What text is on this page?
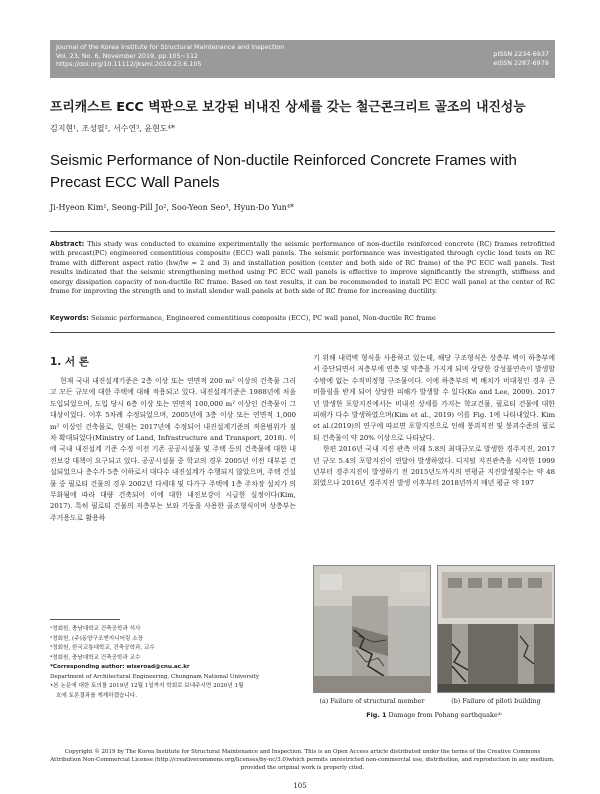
Journal of the Korea Institute for Structural Maintenance and Inspection
Vol. 23, No. 6, November 2019, pp.105~112
https://doi.org/10.11112/jksmi.2019.23.6.105
pISSN 2234-6937
eISSN 2287-6979
프리캐스트 ECC 벽판으로 보강된 비내진 상세를 갖는 철근콘크리트 골조의 내진성능
김지현¹, 조성필², 서수연³, 윤현도⁴*
Seismic Performance of Non-ductile Reinforced Concrete Frames with Precast ECC Wall Panels
Ji-Hyeon Kim¹, Seong-Pill Jo², Soo-Yeon Seo³, Hyun-Do Yun⁴*
Abstract: This study was conducted to examine experimentally the seismic performance of non-ductile reinforced concrete (RC) frames retrofitted with precast(PC) engineered cementitious composite (ECC) wall panels. The seismic performance was investigated through cyclic load tests on RC frame with different aspect ratio (hw/lw = 2 and 3) and installation position (center and both side of RC frame) of the PC ECC wall panels. Test results indicated that the seismic strengthening method using PC ECC wall panels is effective to improve significantly the strength, stiffness and energy dissipation capacity of non-ductile RC frame. Based on test results, it can be recommended to install PC ECC wall panel at the center of RC frame for improving the strength and to install slender wall panels at both side of RC frame for increasing ductility.
Keywords: Seismic performance, Engineered cementitious composite (ECC), PC wall panel, Non-ductile RC frame
1. 서 론

현재 국내 내진설계기준은 2층 이상 또는 연면적 200 m² 이상의 건축물 그리고 모든 규모에 대한 주택에 대해 적용되고 있다. 내진설계기준은 1988년에 처음 도입되었으며, 도입 당시 6층 이상 또는 연면적 100,000 m² 이상인 건축물이 그 대상이었다. 이후 5차례 수정되었으며, 2005년에 3층 이상 또는 연면적 1,000 m² 이상인 건축물로, 현재는 2017년에 수정되어 내진설계기준의 적용범위가 점차 확대되었다(Ministry of Land, Infrastructure and Transport, 2018). 이에 국내 내진설계 기준 수정 이전 기존 공공시설물 및 주택 등의 건축물에 대한 내진보강 대책이 요구되고 있다. 공공시설물 중 학교의 경우 2005년 이전 대부분 건설되었으나 층수가 5층 이하로서 대다수 내진설계가 수행되지 않았으며, 주택 건설물 중 필로티 건물의 경우 2002년 다세대 및 다가구 주택에 1층 주차장 설치가 의무화됨에 따라 대량 건축되어 이에 대한 내진보강이 시급한 실정이다(Kim, 2017). 특히 필로티 건물의 저층부는 보와 기둥을 사용한 골조형식이며 상층부는 주거용도로 활용하

기 위해 내력벽 형식을 사용하고 있는데, 해당 구조형식은 상층부 벽이 하층부에서 중단되면서 저층부에 연층 및 약층을 가지게 되며 상당한 강성불연속이 발생할 수밖에 없는 수직비정형 구조물이다. 이에 하층부의 벽 배치가 비대칭인 경우 큰 비틀림을 받게 되어 상당한 피해가 발생할 수 있다(Ko and Lee, 2009). 2017년 발생한 포항지진에서는 비내진 상세를 가지는 학교건물, 필로티 건물에 대한 피해가 다수 발생하였으며(Kim et al., 2019) 이를 Fig. 1에 나타내었다. Kim et al.(2019)의 연구에 따르면 포항지진으로 인해 붕괴직전 및 붕괴수준의 필로티 건축물이 약 20% 이상으로 나타났다.

한편 2016년 국내 지진 관측 이래 5.8의 최대규모로 발생한 경주지진, 2017년 규모 5.4의 포항지진이 연달아 발생하였다. 디지털 지진관측을 시작한 1999년부터 경주지진이 발생하기 전 2015년도까지의 연평균 지진발생횟수는 약 48회였으나 2016년 경주지진 발생 이후부터 2018년까지 매년 평균 약 197

¹정회원, 충남대학교 건축공학과 석사
²정회원, (주)동양구조엔지니어링 소장
³정회원, 한국교통대학교, 건축공학과, 교수
⁴정회원, 충남대학교 건축공학과 교수
*Corresponding author: wiseroad@cnu.ac.kr
Department of Architectural Engineering, Chungnam National University
•본 논문에 대한 토의를 2019년 12월 1일까지 학회로 보내주시면 2020년 1월
호에 토론결과를 게재하겠습니다.
(a) Failure of structural member	(b) Failure of piloti building
Fig. 1 Damage from Pohang earthquake⁴⁾
Copyright © 2019 by The Korea Institute for Structural Maintenance and Inspection. This is an Open Access article distributed under the terms of the Creative Commons Attribution Non-Commercial License (http://creativecommons.org/licenses/by-nc/3.0)which permits unrestricted non-commercial use, distribution, and reproduction in any medium, provided the original work is properly cited.
105
